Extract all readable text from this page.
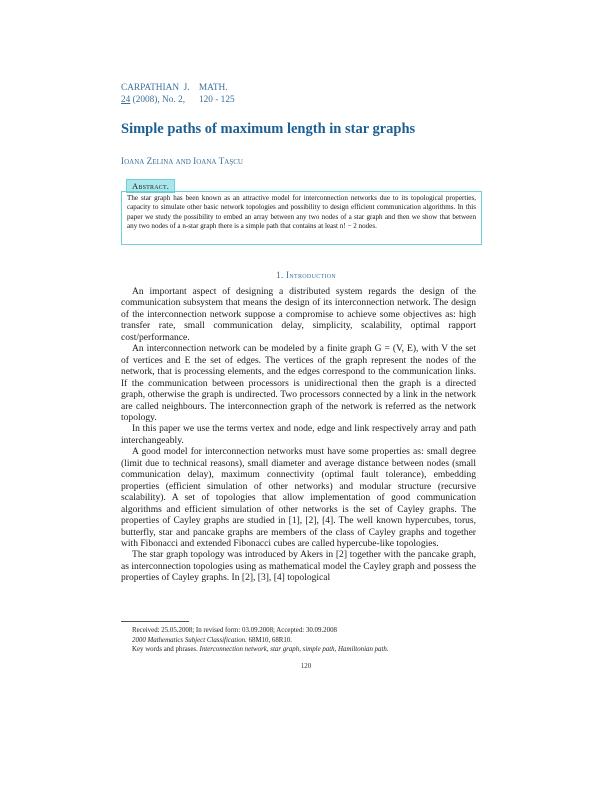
CARPATHIAN  J.    MATH.
24 (2008), No. 2,      120 - 125
Simple paths of maximum length in star graphs
Ioana Zelina and Ioana Taşcu
Abstract.
The star graph has been known as an attractive model for interconnection networks due to its topological properties, capacity to simulate other basic network topologies and possibility to design efficient communication algorithms. In this paper we study the possibility to embed an array between any two nodes of a star graph and then we show that between any two nodes of a n-star graph there is a simple path that contains at least n! − 2 nodes.
1. Introduction

An important aspect of designing a distributed system regards the design of the communication subsystem that means the design of its interconnection network. The design of the interconnection network suppose a compromise to achieve some objectives as: high transfer rate, small communication delay, simplicity, scalability, optimal rapport cost/performance.

An interconnection network can be modeled by a finite graph G = (V, E), with V the set of vertices and E the set of edges. The vertices of the graph represent the nodes of the network, that is processing elements, and the edges correspond to the communication links. If the communication between processors is unidirectional then the graph is a directed graph, otherwise the graph is undirected. Two processors connected by a link in the network are called neighbours. The interconnection graph of the network is referred as the network topology.

In this paper we use the terms vertex and node, edge and link respectively array and path interchangeably.

A good model for interconnection networks must have some properties as: small degree (limit due to technical reasons), small diameter and average distance between nodes (small communication delay), maximum connectivity (optimal fault tolerance), embedding properties (efficient simulation of other networks) and modular structure (recursive scalability). A set of topologies that allow implementation of good communication algorithms and efficient simulation of other networks is the set of Cayley graphs. The properties of Cayley graphs are studied in [1], [2], [4]. The well known hypercubes, torus, butterfly, star and pancake graphs are members of the class of Cayley graphs and together with Fibonacci and extended Fibonacci cubes are called hypercube-like topologies.

The star graph topology was introduced by Akers in [2] together with the pancake graph, as interconnection topologies using as mathematical model the Cayley graph and possess the properties of Cayley graphs. In [2], [3], [4] topological

Received: 25.05.2008; In revised form: 03.09.2008; Accepted: 30.09.2008
2000 Mathematics Subject Classification. 68M10, 68R10.
Key words and phrases. Interconnection network, star graph, simple path, Hamiltonian path.
120
